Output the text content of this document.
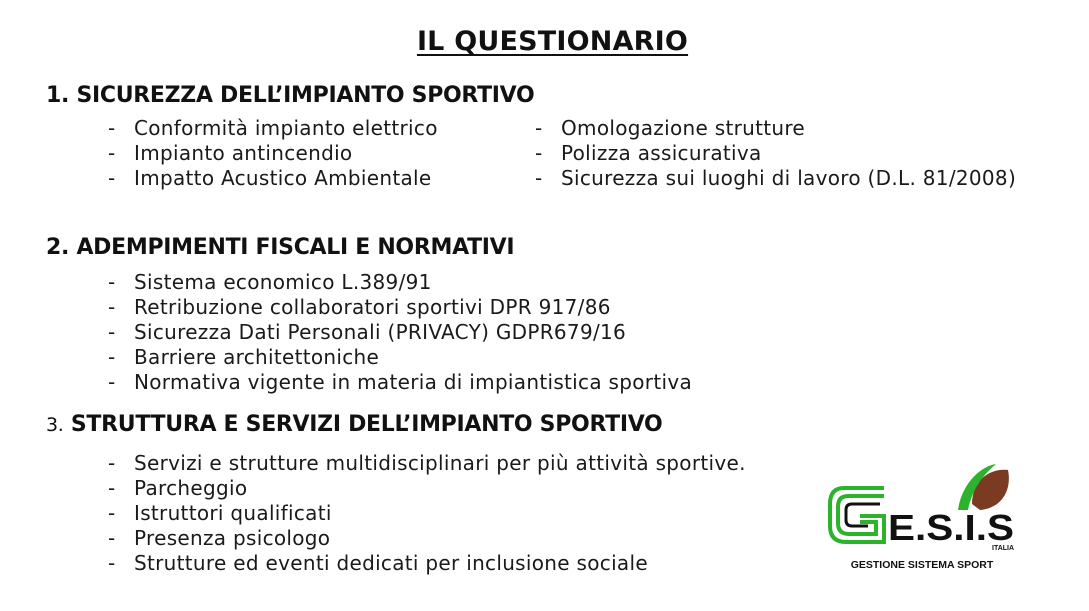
IL QUESTIONARIO
1. SICUREZZA DELL’IMPIANTO SPORTIVO
- Conformità impianto elettrico
- Impianto antincendio
- Impatto Acustico Ambientale
- Omologazione strutture
- Polizza assicurativa
- Sicurezza sui luoghi di lavoro (D.L. 81/2008)
2. ADEMPIMENTI FISCALI E NORMATIVI
- Sistema economico L.389/91
- Retribuzione collaboratori sportivi DPR 917/86
- Sicurezza Dati Personali (PRIVACY) GDPR679/16
- Barriere architettoniche
- Normativa vigente in materia di impiantistica sportiva
3. STRUTTURA E SERVIZI DELL’IMPIANTO SPORTIVO
- Servizi e strutture multidisciplinari per più attività sportive.
- Parcheggio
- Istruttori qualificati
- Presenza psicologo
- Strutture ed eventi dedicati per inclusione sociale
E.S.I.S
ITALIA
GESTIONE SISTEMA SPORT
